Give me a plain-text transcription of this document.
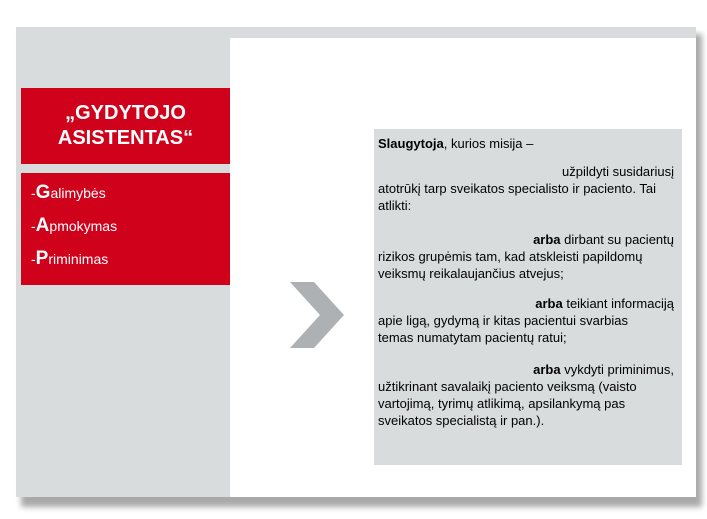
„GYDYTOJO
ASISTENTAS“
-Galimybės
-Apmokymas
-Priminimas
Slaugytoja, kurios misija –
užpildyti susidariusį
atotrūkį tarp sveikatos specialisto ir paciento. Tai
atlikti:
arba dirbant su pacientų
rizikos grupėmis tam, kad atskleisti papildomų
veiksmų reikalaujančius atvejus;
arba teikiant informaciją
apie ligą, gydymą ir kitas pacientui svarbias
temas numatytam pacientų ratui;
arba vykdyti priminimus,
užtikrinant savalaikį paciento veiksmą (vaisto
vartojimą, tyrimų atlikimą, apsilankymą pas
sveikatos specialistą ir pan.).
